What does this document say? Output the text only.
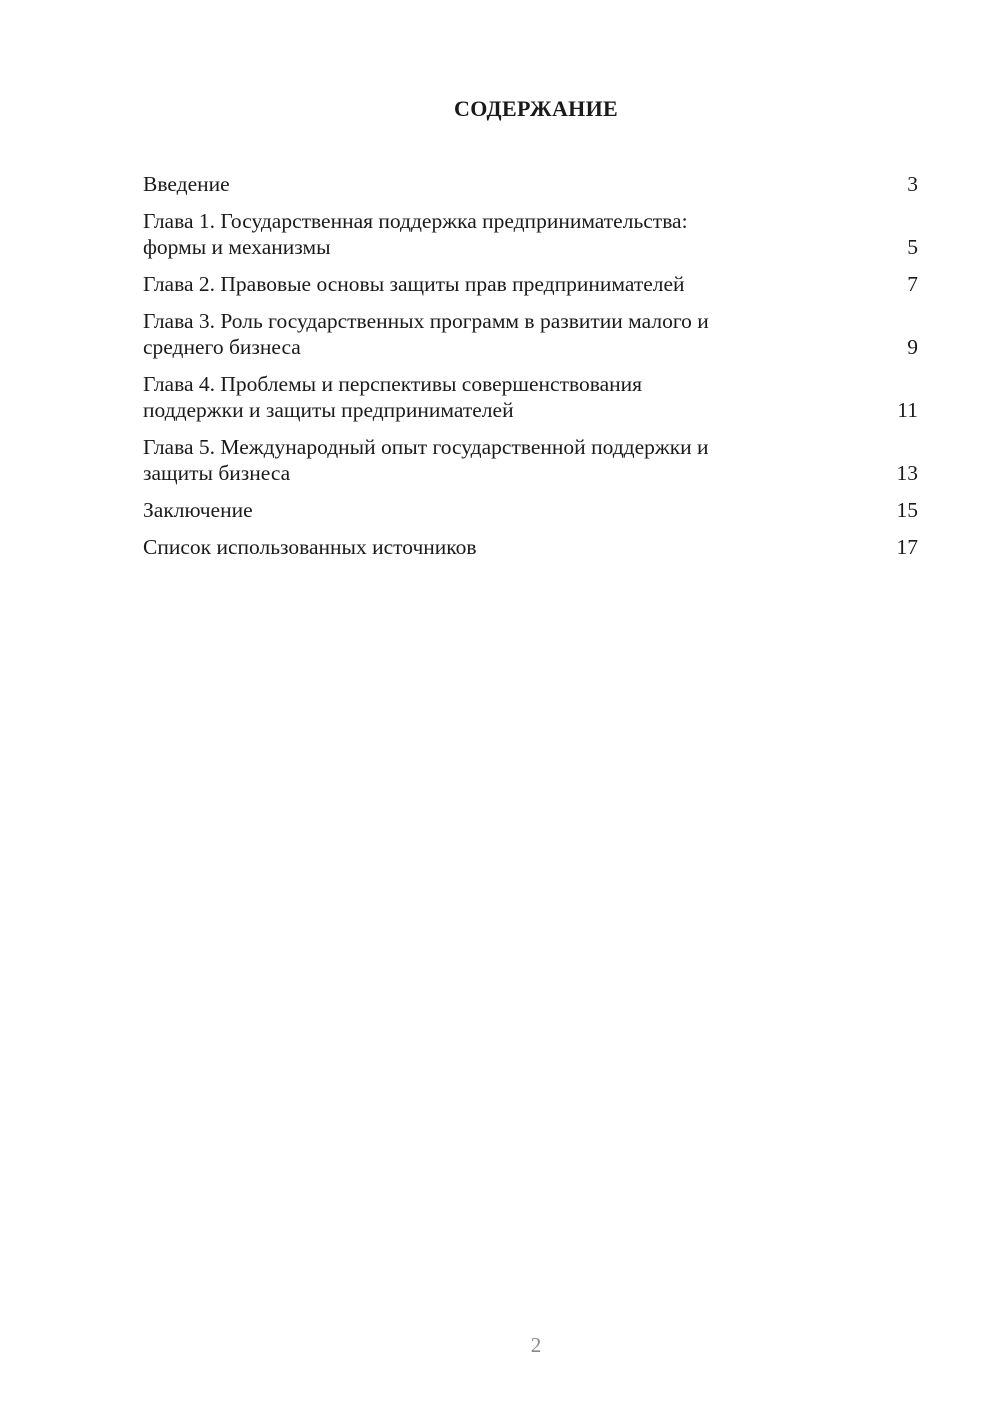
СОДЕРЖАНИЕ
Введение	3
Глава 1. Государственная поддержка предпринимательства:
формы и механизмы	5
Глава 2. Правовые основы защиты прав предпринимателей	7
Глава 3. Роль государственных программ в развитии малого и
среднего бизнеса	9
Глава 4. Проблемы и перспективы совершенствования
поддержки и защиты предпринимателей	11
Глава 5. Международный опыт государственной поддержки и
защиты бизнеса	13
Заключение	15
Список использованных источников	17
2
